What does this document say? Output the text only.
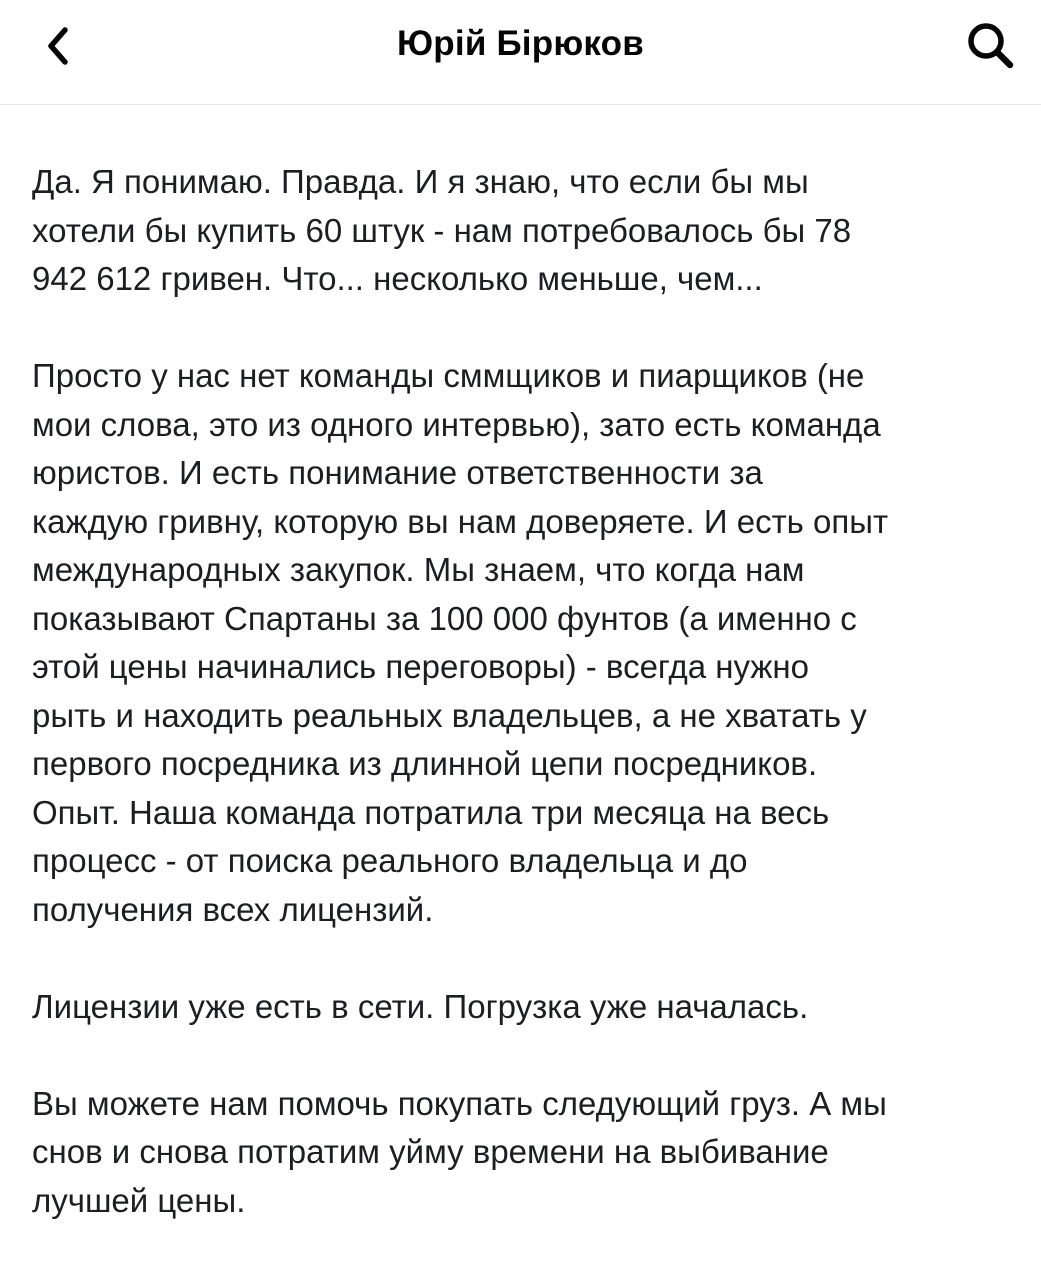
Юрій Бірюков

Да. Я понимаю. Правда. И я знаю, что если бы мы
хотели бы купить 60 штук - нам потребовалось бы 78
942 612 гривен. Что... несколько меньше, чем...

Просто у нас нет команды сммщиков и пиарщиков (не
мои слова, это из одного интервью), зато есть команда
юристов. И есть понимание ответственности за
каждую гривну, которую вы нам доверяете. И есть опыт
международных закупок. Мы знаем, что когда нам
показывают Спартаны за 100 000 фунтов (а именно с
этой цены начинались переговоры) - всегда нужно
рыть и находить реальных владельцев, а не хватать у
первого посредника из длинной цепи посредников.
Опыт. Наша команда потратила три месяца на весь
процесс - от поиска реального владельца и до
получения всех лицензий.

Лицензии уже есть в сети. Погрузка уже началась.

Вы можете нам помочь покупать следующий груз. А мы
снов и снова потратим уйму времени на выбивание
лучшей цены.
